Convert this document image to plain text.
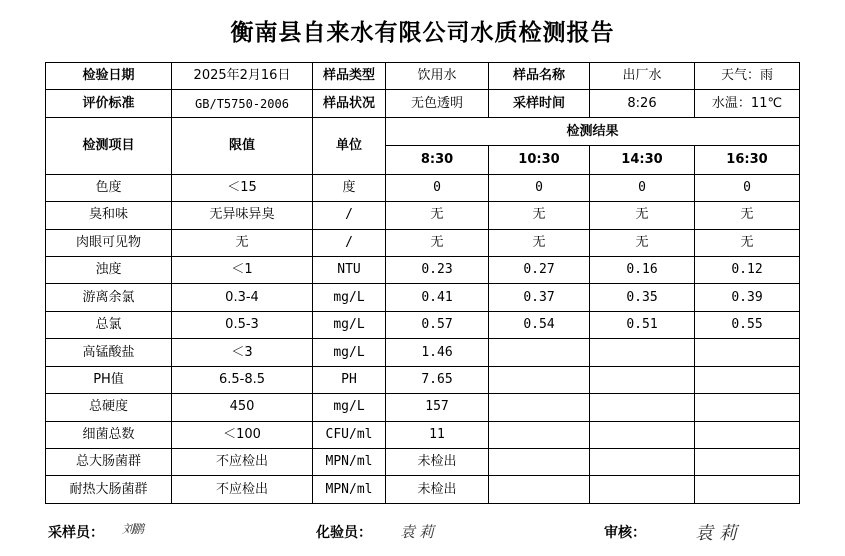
衡南县自来水有限公司水质检测报告
检验日期	2025年2月16日	样品类型	饮用水	样品名称	出厂水	天气：雨
评价标准	GB/T5750-2006	样品状况	无色透明	采样时间	8:26	水温：11℃
检测项目	限值	单位	检测结果			
			8:30	10:30	14:30	16:30
色度	＜15	度	0	0	0	0
臭和味	无异味异臭	/	无	无	无	无
肉眼可见物	无	/	无	无	无	无
浊度	＜1	NTU	0.23	0.27	0.16	0.12
游离余氯	0.3-4	mg/L	0.41	0.37	0.35	0.39
总氯	0.5-3	mg/L	0.57	0.54	0.51	0.55
高锰酸盐	＜3	mg/L	1.46			
PH值	6.5-8.5	PH	7.65			
总硬度	450	mg/L	157			
细菌总数	＜100	CFU/ml	11			
总大肠菌群	不应检出	MPN/ml	未检出			
耐热大肠菌群	不应检出	MPN/ml	未检出			
采样员： 刘鹏	化验员： 袁莉	审核：	袁莉
